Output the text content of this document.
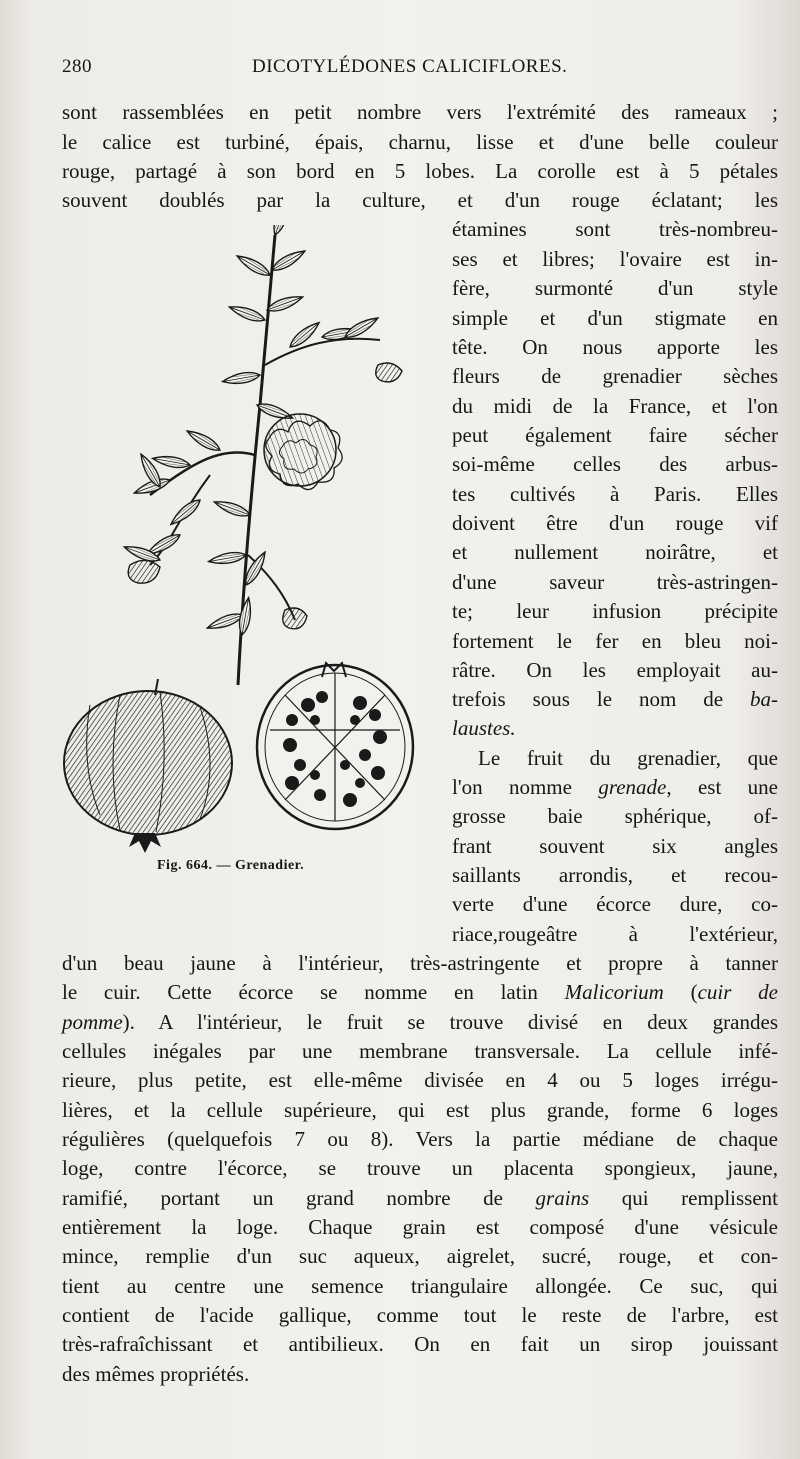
280	DICOTYLÉDONES CALICIFLORES.
sont rassemblées en petit nombre vers l'extrémité des rameaux ;
le calice est turbiné, épais, charnu, lisse et d'une belle couleur
rouge, partagé à son bord en 5 lobes. La corolle est à 5 pétales
souvent doublés par la culture, et d'un rouge éclatant; les
étamines sont très-nombreu-
ses et libres; l'ovaire est in-
fère, surmonté d'un style
simple et d'un stigmate en
tête. On nous apporte les
fleurs de grenadier sèches
du midi de la France, et l'on
peut également faire sécher
soi-même celles des arbus-
tes cultivés à Paris. Elles
doivent être d'un rouge vif
et nullement noirâtre, et
d'une saveur très-astringen-
te; leur infusion précipite
fortement le fer en bleu noi-
râtre. On les employait au-
trefois sous le nom de ba-
laustes.
Le fruit du grenadier, que
l'on nomme grenade, est une
grosse baie sphérique, of-
frant souvent six angles
saillants arrondis, et recou-
verte d'une écorce dure, co-
riace,rougeâtre à l'extérieur,
d'un beau jaune à l'intérieur, très-astringente et propre à tanner
le cuir. Cette écorce se nomme en latin Malicorium (cuir de
pomme). A l'intérieur, le fruit se trouve divisé en deux grandes
cellules inégales par une membrane transversale. La cellule infé-
rieure, plus petite, est elle-même divisée en 4 ou 5 loges irrégu-
lières, et la cellule supérieure, qui est plus grande, forme 6 loges
régulières (quelquefois 7 ou 8). Vers la partie médiane de chaque
loge, contre l'écorce, se trouve un placenta spongieux, jaune,
ramifié, portant un grand nombre de grains qui remplissent
entièrement la loge. Chaque grain est composé d'une vésicule
mince, remplie d'un suc aqueux, aigrelet, sucré, rouge, et con-
tient au centre une semence triangulaire allongée. Ce suc, qui
contient de l'acide gallique, comme tout le reste de l'arbre, est
très-rafraîchissant et antibilieux. On en fait un sirop jouissant
des mêmes propriétés.
Fig. 664. — Grenadier.
